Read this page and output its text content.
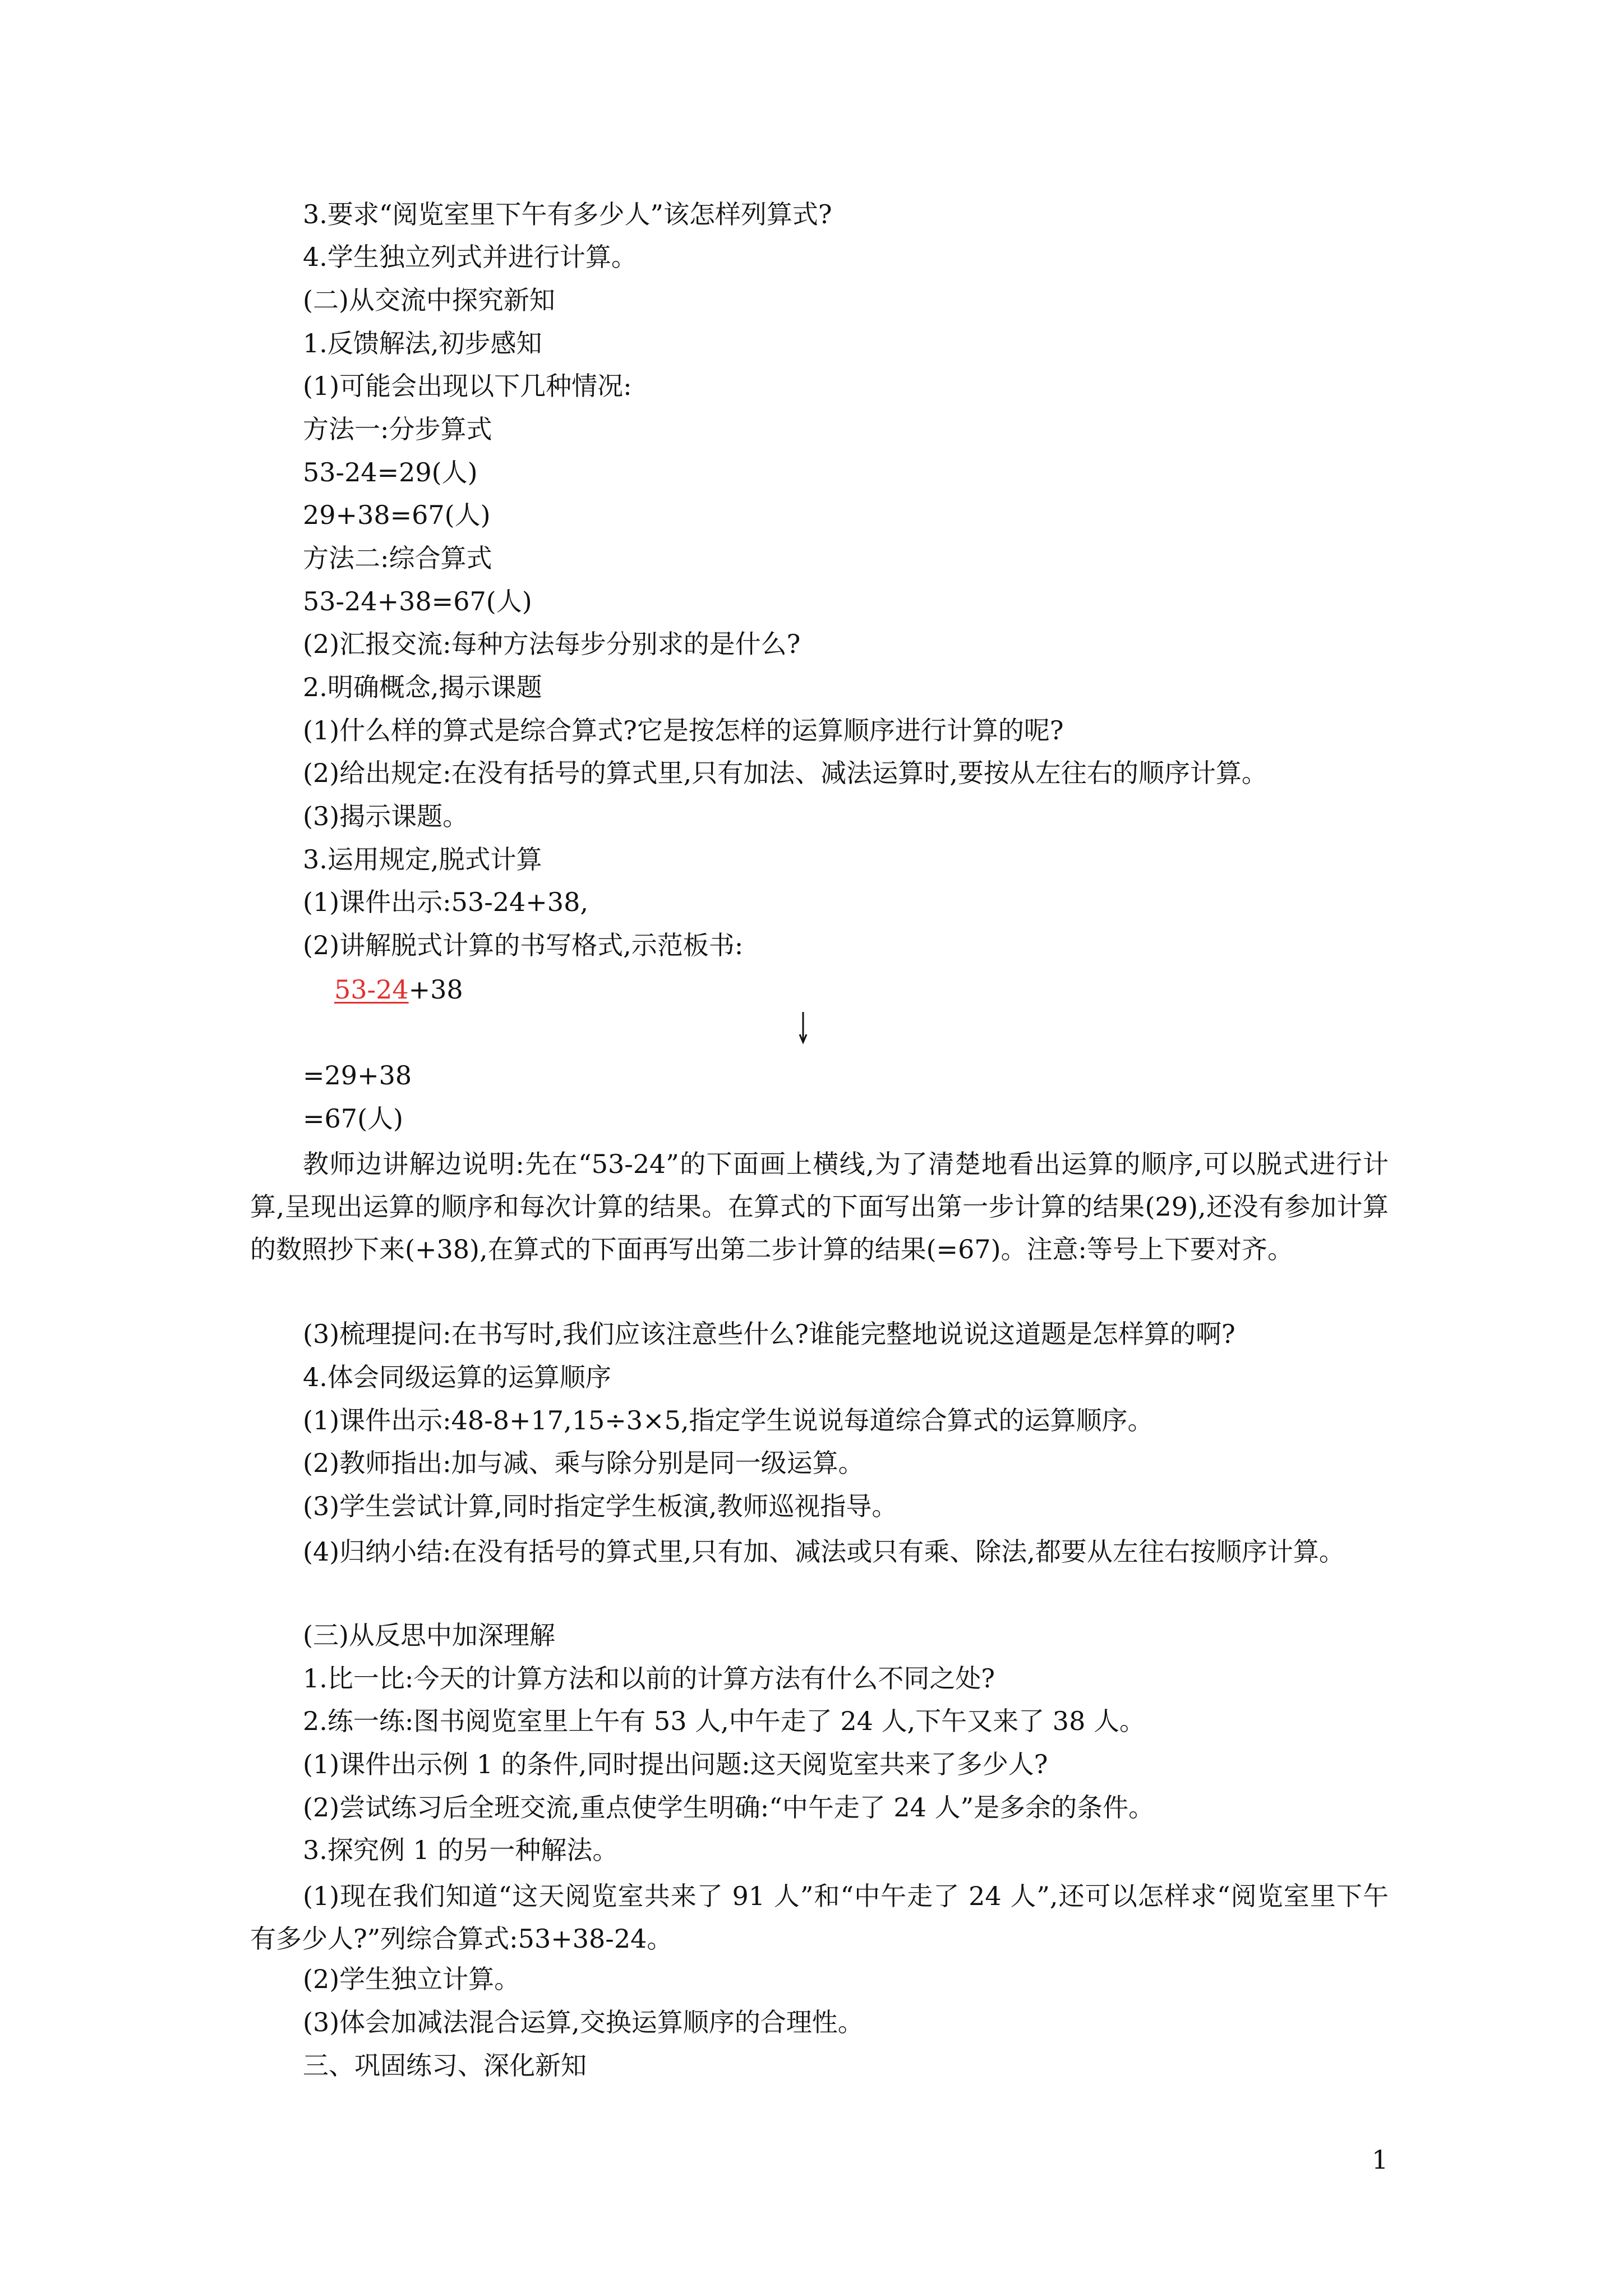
3.要求“阅览室里下午有多少人”该怎样列算式?
4.学生独立列式并进行计算。
(二)从交流中探究新知
1.反馈解法,初步感知
(1)可能会出现以下几种情况:
方法一:分步算式
53-24=29(人)
29+38=67(人)
方法二:综合算式
53-24+38=67(人)
(2)汇报交流:每种方法每步分别求的是什么?
2.明确概念,揭示课题
(1)什么样的算式是综合算式?它是按怎样的运算顺序进行计算的呢?
(2)给出规定:在没有括号的算式里,只有加法、减法运算时,要按从左往右的顺序计算。
(3)揭示课题。
3.运用规定,脱式计算
(1)课件出示:53-24+38,
(2)讲解脱式计算的书写格式,示范板书:
53-24+38
=29+38
=67(人)
教师边讲解边说明:先在“53-24”的下面画上横线,为了清楚地看出运算的顺序,可以脱式进行计算,呈现出运算的顺序和每次计算的结果。在算式的下面写出第一步计算的结果(29),还没有参加计算的数照抄下来(+38),在算式的下面再写出第二步计算的结果(=67)。注意:等号上下要对齐。
(3)梳理提问:在书写时,我们应该注意些什么?谁能完整地说说这道题是怎样算的啊?
4.体会同级运算的运算顺序
(1)课件出示:48-8+17,15÷3×5,指定学生说说每道综合算式的运算顺序。
(2)教师指出:加与减、乘与除分别是同一级运算。
(3)学生尝试计算,同时指定学生板演,教师巡视指导。
(4)归纳小结:在没有括号的算式里,只有加、减法或只有乘、除法,都要从左往右按顺序计算。
(三)从反思中加深理解
1.比一比:今天的计算方法和以前的计算方法有什么不同之处?
2.练一练:图书阅览室里上午有 53 人,中午走了 24 人,下午又来了 38 人。
(1)课件出示例 1 的条件,同时提出问题:这天阅览室共来了多少人?
(2)尝试练习后全班交流,重点使学生明确:“中午走了 24 人”是多余的条件。
3.探究例 1 的另一种解法。
(1)现在我们知道“这天阅览室共来了 91 人”和“中午走了 24 人”,还可以怎样求“阅览室里下午有多少人?”列综合算式:53+38-24。
(2)学生独立计算。
(3)体会加减法混合运算,交换运算顺序的合理性。
三、巩固练习、深化新知
1
